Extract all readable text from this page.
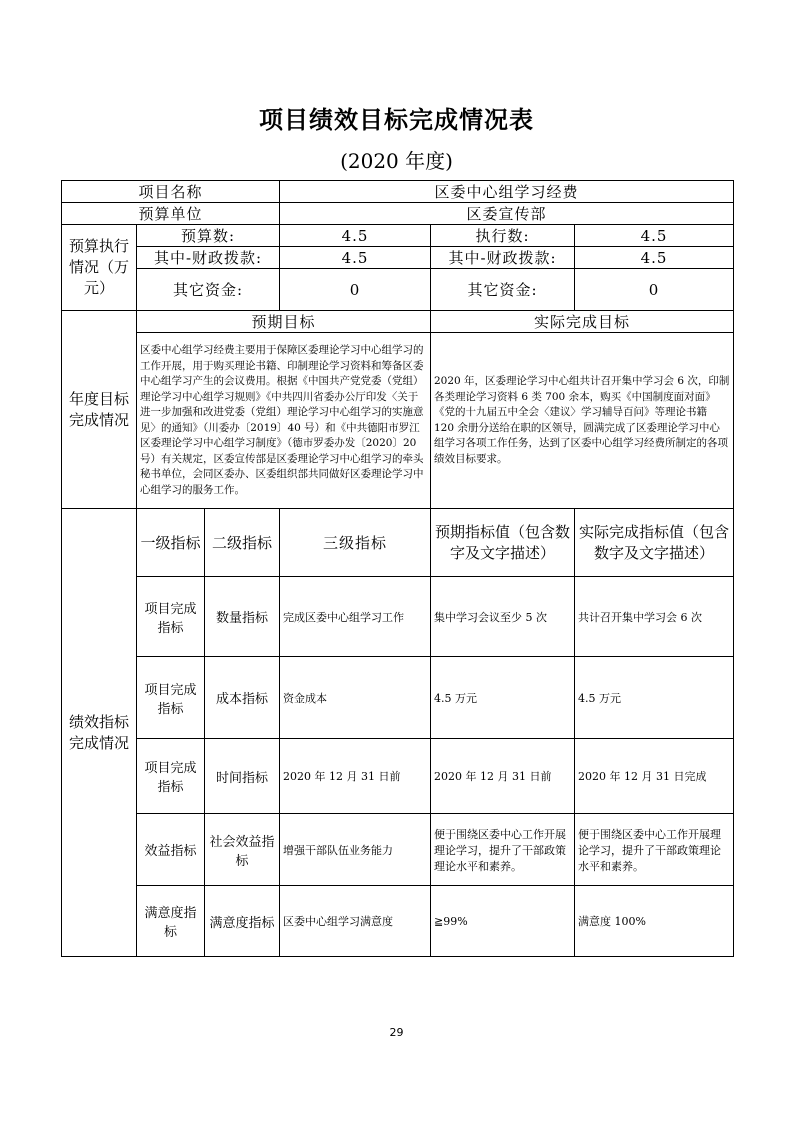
项目绩效目标完成情况表
(2020 年度)
项目名称			区委中心组学习经费		
预算单位			区委宣传部		
预算执行情况（万元）	预算数:		4.5	执行数:	4.5
	其中-财政拨款:		4.5	其中-财政拨款:	4.5
	其它资金:		0	其它资金:	0
年度目标完成情况	预期目标			实际完成目标	
	区委中心组学习经费主要用于保障区委理论学习中心组学习的工作开展，用于购买理论书籍、印制理论学习资料和筹备区委中心组学习产生的会议费用。根据《中国共产党党委（党组）理论学习中心组学习规则》《中共四川省委办公厅印发〈关于进一步加强和改进党委（党组）理论学习中心组学习的实施意见〉的通知》（川委办〔2019〕40 号）和《中共德阳市罗江区委理论学习中心组学习制度》（德市罗委办发〔2020〕20 号）有关规定，区委宣传部是区委理论学习中心组学习的牵头秘书单位，会同区委办、区委组织部共同做好区委理论学习中心组学习的服务工作。			2020 年，区委理论学习中心组共计召开集中学习会 6 次，印制各类理论学习资料 6 类 700 余本，购买《中国制度面对面》《党的十九届五中全会〈建议〉学习辅导百问》等理论书籍 120 余册分送给在职的区领导，圆满完成了区委理论学习中心组学习各项工作任务，达到了区委中心组学习经费所制定的各项绩效目标要求。	
绩效指标完成情况	一级指标	二级指标	三级指标	预期指标值（包含数字及文字描述）	实际完成指标值（包含数字及文字描述）
	项目完成指标	数量指标	完成区委中心组学习工作	集中学习会议至少 5 次	共计召开集中学习会 6 次
	项目完成指标	成本指标	资金成本	4.5 万元	4.5 万元
	项目完成指标	时间指标	2020 年 12 月 31 日前	2020 年 12 月 31 日前	2020 年 12 月 31 日完成
	效益指标	社会效益指标	增强干部队伍业务能力	便于围绕区委中心工作开展理论学习，提升了干部政策理论水平和素养。	便于围绕区委中心工作开展理论学习，提升了干部政策理论水平和素养。
	满意度指标	满意度指标	区委中心组学习满意度	≧99%	满意度 100%
29
